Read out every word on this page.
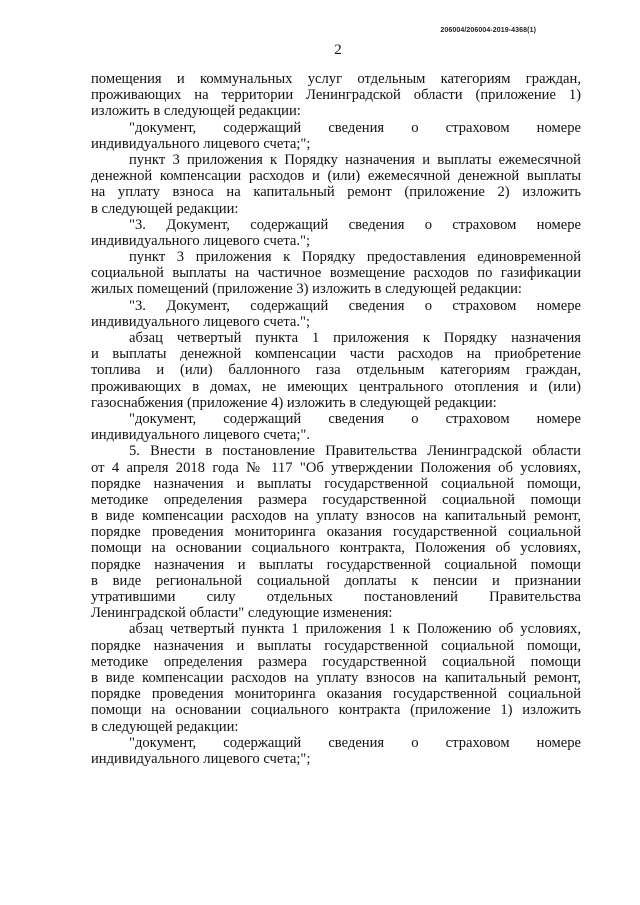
206004/206004-2019-4368(1)
2
помещения и коммунальных услуг отдельным категориям граждан,
проживающих на территории Ленинградской области (приложение 1)
изложить в следующей редакции:
"документ, содержащий сведения о страховом номере
индивидуального лицевого счета;";
пункт 3 приложения к Порядку назначения и выплаты ежемесячной
денежной компенсации расходов и (или) ежемесячной денежной выплаты
на уплату взноса на капитальный ремонт (приложение 2) изложить
в следующей редакции:
"3. Документ, содержащий сведения о страховом номере
индивидуального лицевого счета.";
пункт 3 приложения к Порядку предоставления единовременной
социальной выплаты на частичное возмещение расходов по газификации
жилых помещений (приложение 3) изложить в следующей редакции:
"3. Документ, содержащий сведения о страховом номере
индивидуального лицевого счета.";
абзац четвертый пункта 1 приложения к Порядку назначения
и выплаты денежной компенсации части расходов на приобретение
топлива и (или) баллонного газа отдельным категориям граждан,
проживающих в домах, не имеющих центрального отопления и (или)
газоснабжения (приложение 4) изложить в следующей редакции:
"документ, содержащий сведения о страховом номере
индивидуального лицевого счета;".
5. Внести в постановление Правительства Ленинградской области
от 4 апреля 2018 года № 117 "Об утверждении Положения об условиях,
порядке назначения и выплаты государственной социальной помощи,
методике определения размера государственной социальной помощи
в виде компенсации расходов на уплату взносов на капитальный ремонт,
порядке проведения мониторинга оказания государственной социальной
помощи на основании социального контракта, Положения об условиях,
порядке назначения и выплаты государственной социальной помощи
в виде региональной социальной доплаты к пенсии и признании
утратившими силу отдельных постановлений Правительства
Ленинградской области" следующие изменения:
абзац четвертый пункта 1 приложения 1 к Положению об условиях,
порядке назначения и выплаты государственной социальной помощи,
методике определения размера государственной социальной помощи
в виде компенсации расходов на уплату взносов на капитальный ремонт,
порядке проведения мониторинга оказания государственной социальной
помощи на основании социального контракта (приложение 1) изложить
в следующей редакции:
"документ, содержащий сведения о страховом номере
индивидуального лицевого счета;";
